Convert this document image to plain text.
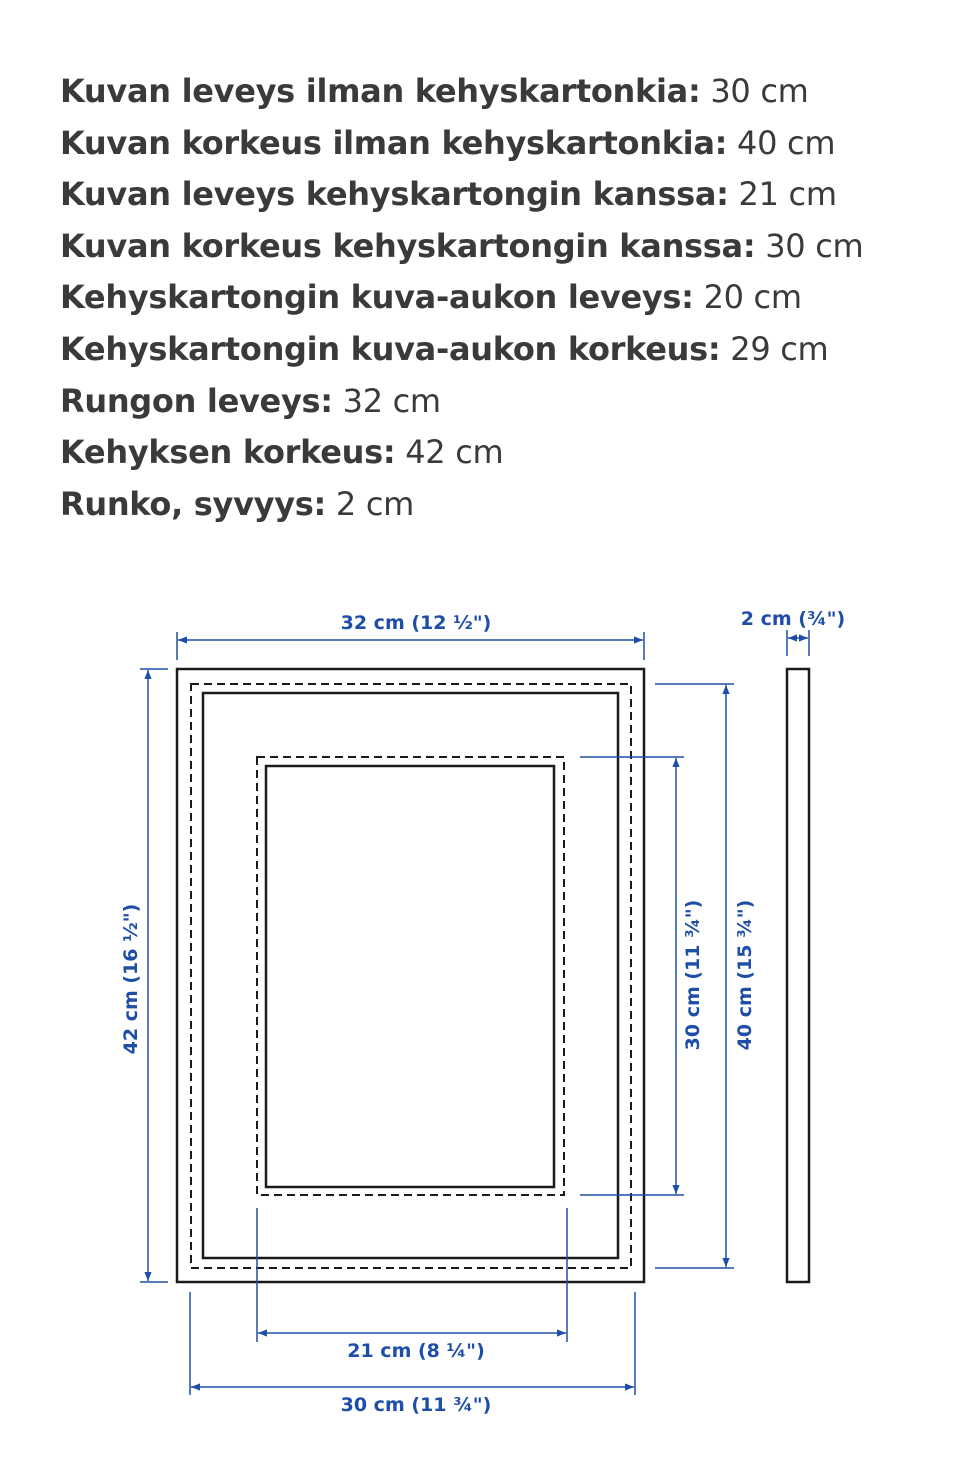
Kuvan leveys ilman kehyskartonkia: 30 cm
Kuvan korkeus ilman kehyskartonkia: 40 cm
Kuvan leveys kehyskartongin kanssa: 21 cm
Kuvan korkeus kehyskartongin kanssa: 30 cm
Kehyskartongin kuva-aukon leveys: 20 cm
Kehyskartongin kuva-aukon korkeus: 29 cm
Rungon leveys: 32 cm
Kehyksen korkeus: 42 cm
Runko, syvyys: 2 cm
32 cm (12 ½")	2 cm (¾")
42 cm (16 ½")	30 cm (11 ¾") 40 cm (15 ¾")
21 cm (8 ¼")
30 cm (11 ¾")
